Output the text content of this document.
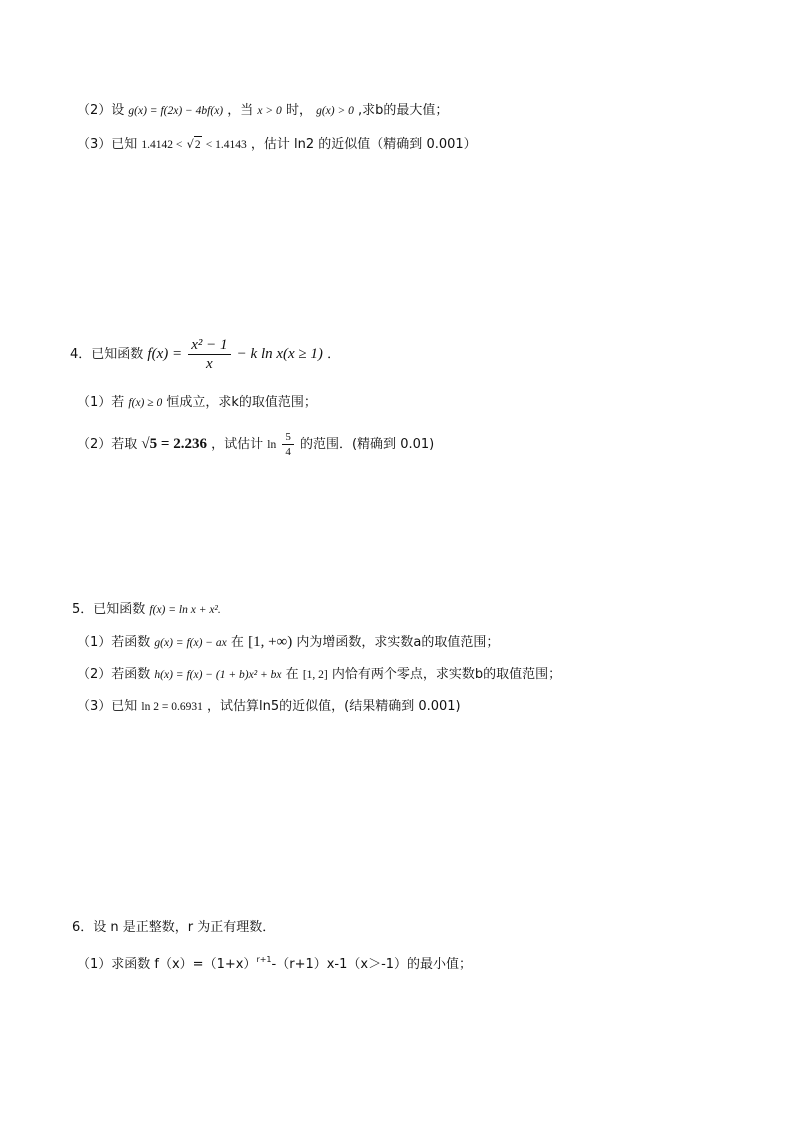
（2）设 g(x) = f(2x) − 4bf(x) ，当 x > 0 时， g(x) > 0 ,求b的最大值；
（3）已知 1.4142 < √2 < 1.4143 ，估计 ln2 的近似值（精确到 0.001）
4．已知函数 $f(x) = \frac{\text{x² − 1}}{x} - k$ ln x(x ≥ 1) ．
（1）若 f(x) ≥ 0 恒成立，求k的取值范围；
（2）若取 √5 = 2.236 ，试估计 $\ln \frac{5}{4}$ 的范围．(精确到 0.01)
5．已知函数 f(x) = ln x + x².
（1）若函数 g(x) = f(x) − ax 在 [1, +∞) 内为增函数，求实数a的取值范围；
（2）若函数 h(x) = f(x) − (1 + b)x² + bx 在 [1, 2] 内恰有两个零点，求实数b的取值范围；
（3）已知 ln 2 = 0.6931 ，试估算ln5的近似值，(结果精确到 0.001)
6．设 n 是正整数，r 为正有理数．
（1）求函数 $f(x)=(1+x)^{r+1}-(r+1)x-1(x>-1)$的最小值；
